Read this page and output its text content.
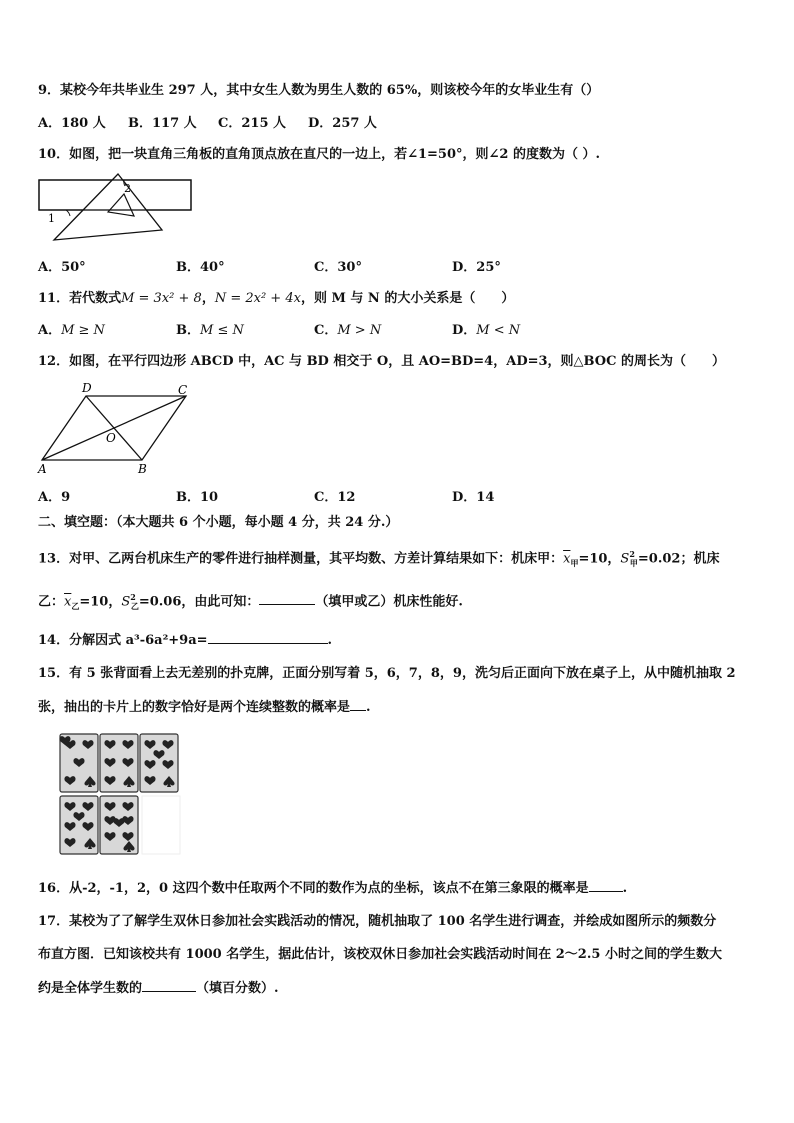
9．某校今年共毕业生 297 人，其中女生人数为男生人数的 65%，则该校今年的女毕业生有（）
A．180 人 B．117 人 C．215 人 D．257 人
10．如图，把一块直角三角板的直角顶点放在直尺的一边上，若∠1=50°，则∠2 的度数为（ ）.
2
1
A．50°	B．40°	C．30°	D．25°
11．若代数式M = 3x² + 8，N = 2x² + 4x，则 M 与 N 的大小关系是（　　）
A．M ≥ N	B．M ≤ N	C．M > N	D．M < N
12．如图，在平行四边形 ABCD 中，AC 与 BD 相交于 O，且 AO=BD=4，AD=3，则△BOC 的周长为（　　）
D	C
O
A	B
A．9	B．10	C．12	D．14
二、填空题：（本大题共 6 个小题，每小题 4 分，共 24 分.）
13．对甲、乙两台机床生产的零件进行抽样测量，其平均数、方差计算结果如下：机床甲：$\overline{x}_甲=10$，$S^2_甲=0.02$；机床
乙：$\overline{x}_乙=10$，$S^2_乙=0.06$，由此可知：	（填甲或乙）机床性能好.
14．分解因式 a³-6a²+9a=	.
15．有 5 张背面看上去无差别的扑克牌，正面分别写着 5，6，7，8，9，洗匀后正面向下放在桌子上，从中随机抽取 2
张，抽出的卡片上的数字恰好是两个连续整数的概率是 .
16．从-2，-1，2，0 这四个数中任取两个不同的数作为点的坐标，该点不在第三象限的概率是	.
17．某校为了了解学生双休日参加社会实践活动的情况，随机抽取了 100 名学生进行调查，并绘成如图所示的频数分
布直方图．已知该校共有 1000 名学生，据此估计，该校双休日参加社会实践活动时间在 2～2.5 小时之间的学生数大
约是全体学生数的	（填百分数）.
